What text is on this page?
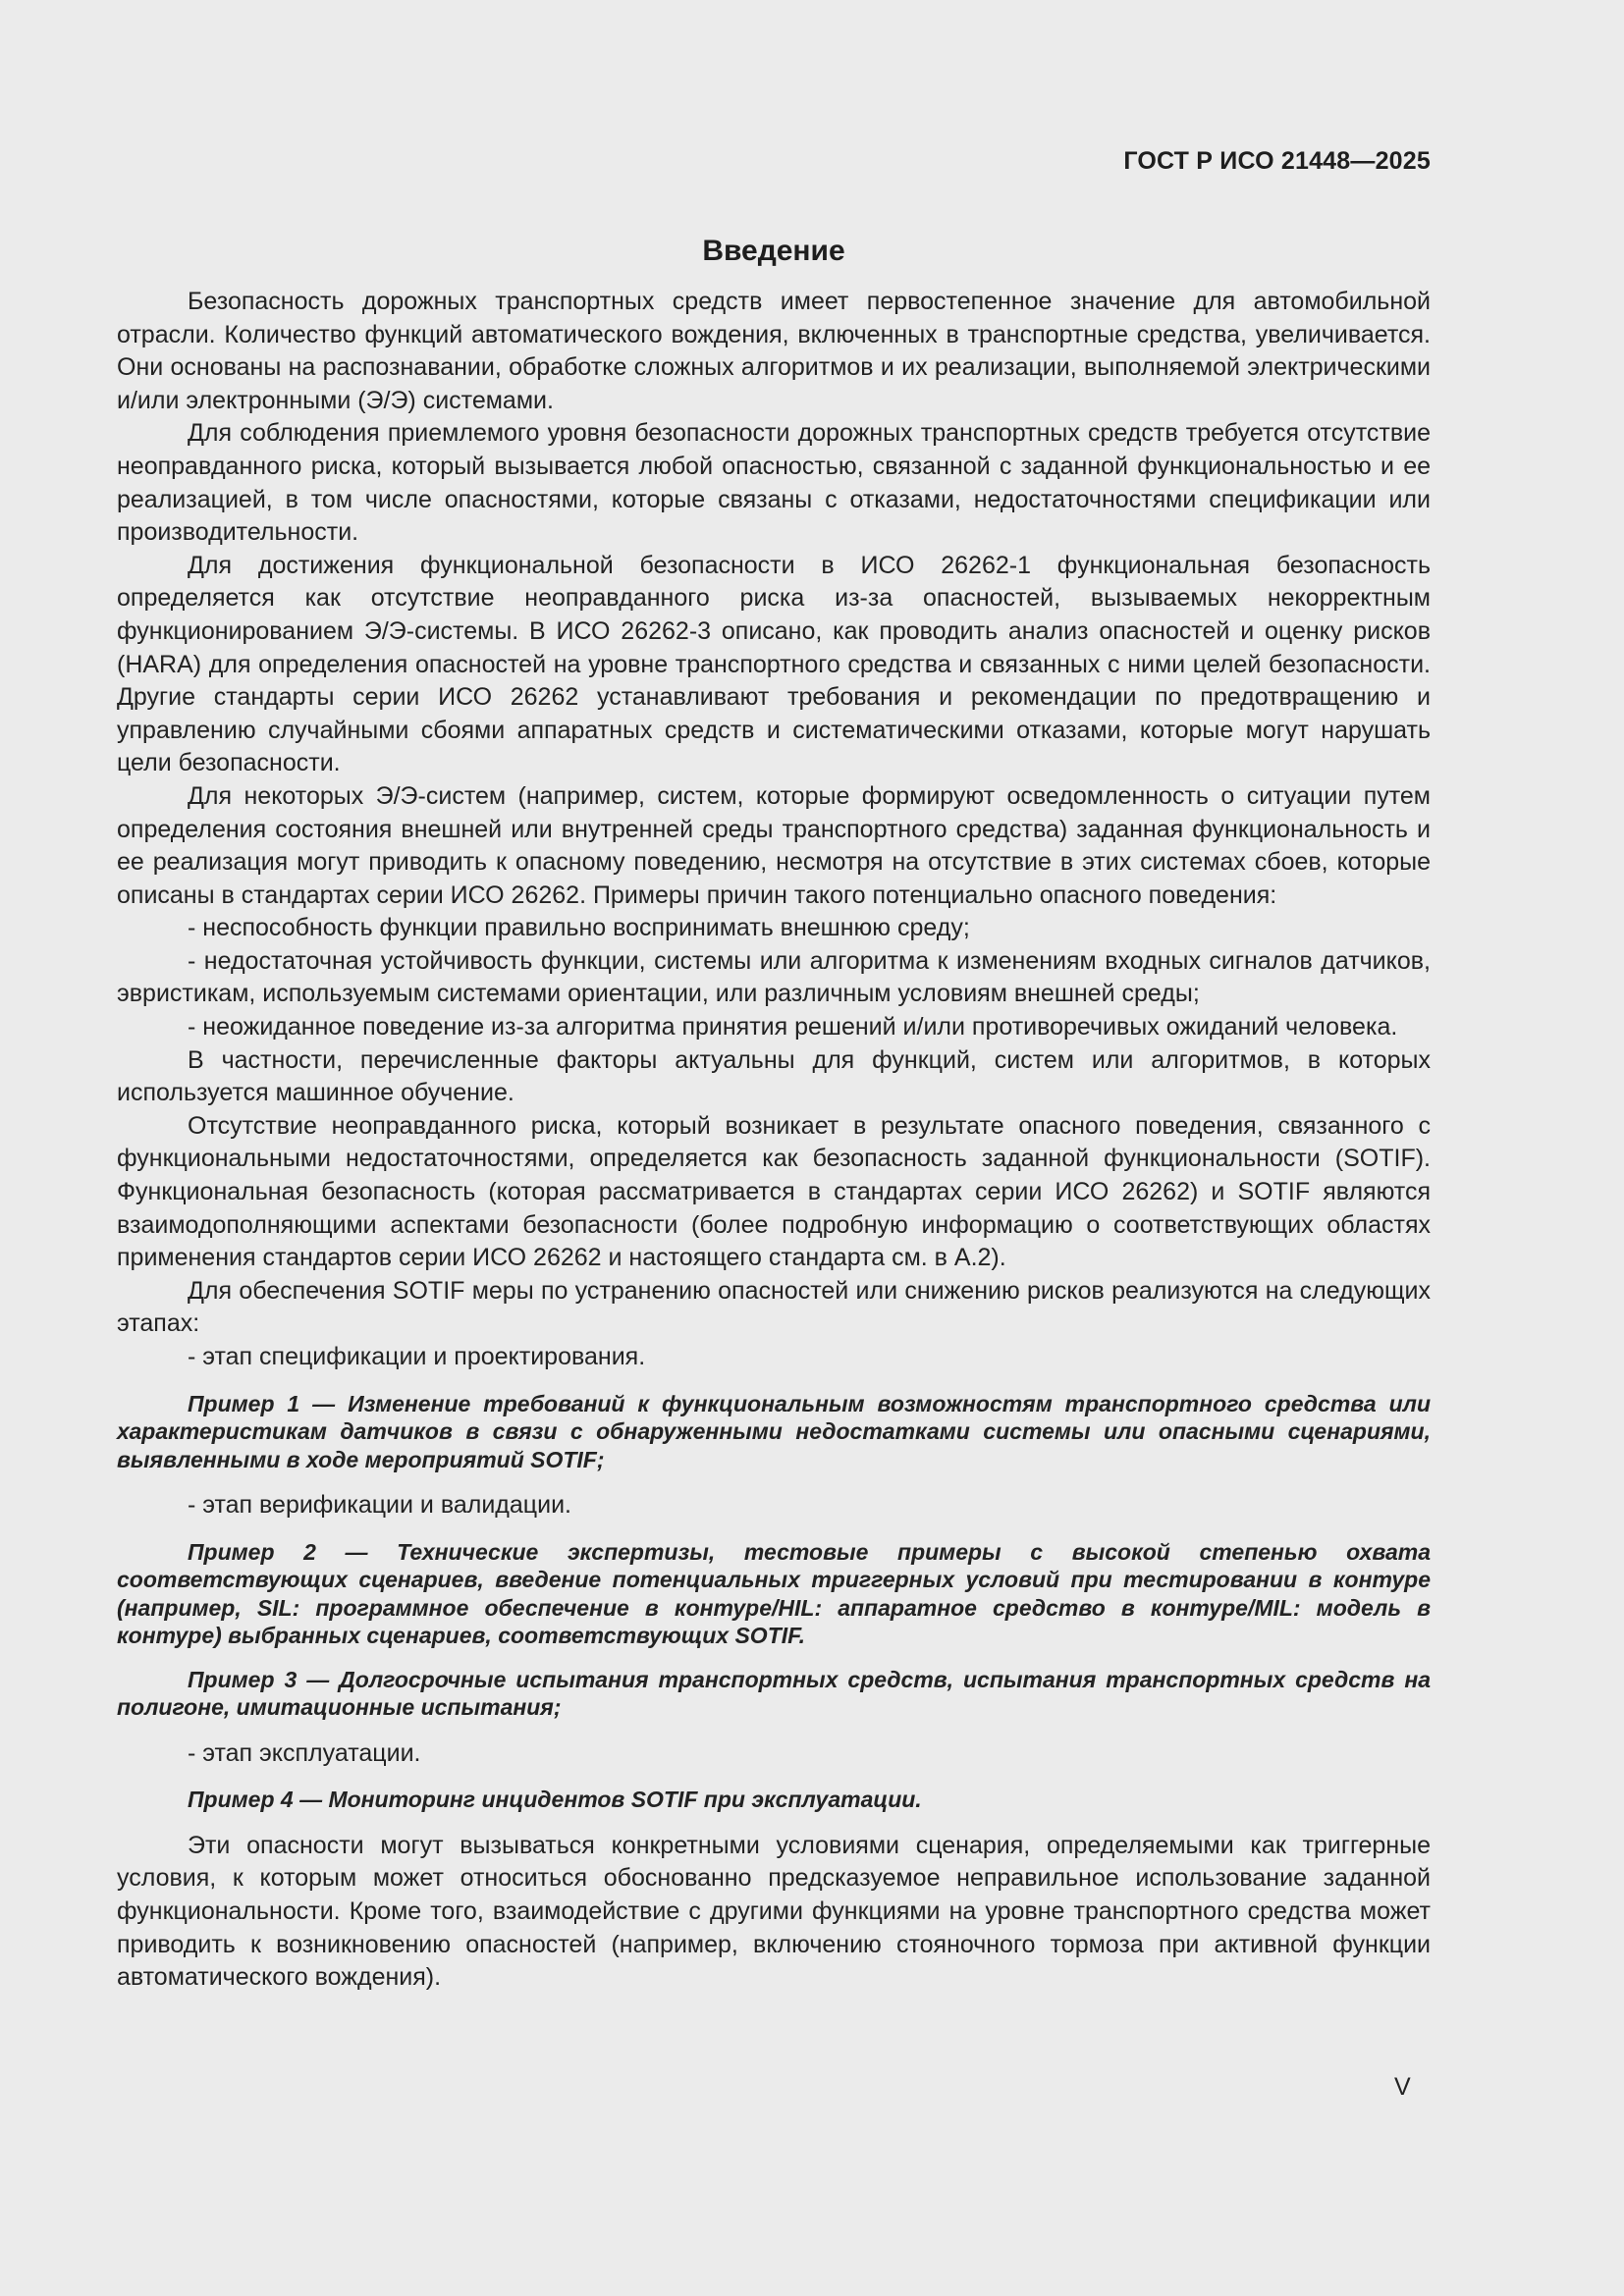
ГОСТ Р ИСО 21448—2025
Введение

Безопасность дорожных транспортных средств имеет первостепенное значение для автомобильной отрасли. Количество функций автоматического вождения, включенных в транспортные средства, увеличивается. Они основаны на распознавании, обработке сложных алгоритмов и их реализации, выполняемой электрическими и/или электронными (Э/Э) системами.

Для соблюдения приемлемого уровня безопасности дорожных транспортных средств требуется отсутствие неоправданного риска, который вызывается любой опасностью, связанной с заданной функциональностью и ее реализацией, в том числе опасностями, которые связаны с отказами, недостаточностями спецификации или производительности.

Для достижения функциональной безопасности в ИСО 26262-1 функциональная безопасность определяется как отсутствие неоправданного риска из-за опасностей, вызываемых некорректным функционированием Э/Э-системы. В ИСО 26262-3 описано, как проводить анализ опасностей и оценку рисков (HARA) для определения опасностей на уровне транспортного средства и связанных с ними целей безопасности. Другие стандарты серии ИСО 26262 устанавливают требования и рекомендации по предотвращению и управлению случайными сбоями аппаратных средств и систематическими отказами, которые могут нарушать цели безопасности.

Для некоторых Э/Э-систем (например, систем, которые формируют осведомленность о ситуации путем определения состояния внешней или внутренней среды транспортного средства) заданная функциональность и ее реализация могут приводить к опасному поведению, несмотря на отсутствие в этих системах сбоев, которые описаны в стандартах серии ИСО 26262. Примеры причин такого потенциально опасного поведения:

- неспособность функции правильно воспринимать внешнюю среду;

- недостаточная устойчивость функции, системы или алгоритма к изменениям входных сигналов датчиков, эвристикам, используемым системами ориентации, или различным условиям внешней среды;

- неожиданное поведение из-за алгоритма принятия решений и/или противоречивых ожиданий человека.

В частности, перечисленные факторы актуальны для функций, систем или алгоритмов, в которых используется машинное обучение.

Отсутствие неоправданного риска, который возникает в результате опасного поведения, связанного с функциональными недостаточностями, определяется как безопасность заданной функциональности (SOTIF). Функциональная безопасность (которая рассматривается в стандартах серии ИСО 26262) и SOTIF являются взаимодополняющими аспектами безопасности (более подробную информацию о соответствующих областях применения стандартов серии ИСО 26262 и настоящего стандарта см. в А.2).

Для обеспечения SOTIF меры по устранению опасностей или снижению рисков реализуются на следующих этапах:

- этап спецификации и проектирования.

Пример 1 — Изменение требований к функциональным возможностям транспортного средства или характеристикам датчиков в связи с обнаруженными недостатками системы или опасными сценариями, выявленными в ходе мероприятий SOTIF;

- этап верификации и валидации.

Пример 2 — Технические экспертизы, тестовые примеры с высокой степенью охвата соответствующих сценариев, введение потенциальных триггерных условий при тестировании в контуре (например, SIL: программное обеспечение в контуре/HIL: аппаратное средство в контуре/MIL: модель в контуре) выбранных сценариев, соответствующих SOTIF.

Пример 3 — Долгосрочные испытания транспортных средств, испытания транспортных средств на полигоне, имитационные испытания;

- этап эксплуатации.

Пример 4 — Мониторинг инцидентов SOTIF при эксплуатации.

Эти опасности могут вызываться конкретными условиями сценария, определяемыми как триггерные условия, к которым может относиться обоснованно предсказуемое неправильное использование заданной функциональности. Кроме того, взаимодействие с другими функциями на уровне транспортного средства может приводить к возникновению опасностей (например, включению стояночного тормоза при активной функции автоматического вождения).

V
